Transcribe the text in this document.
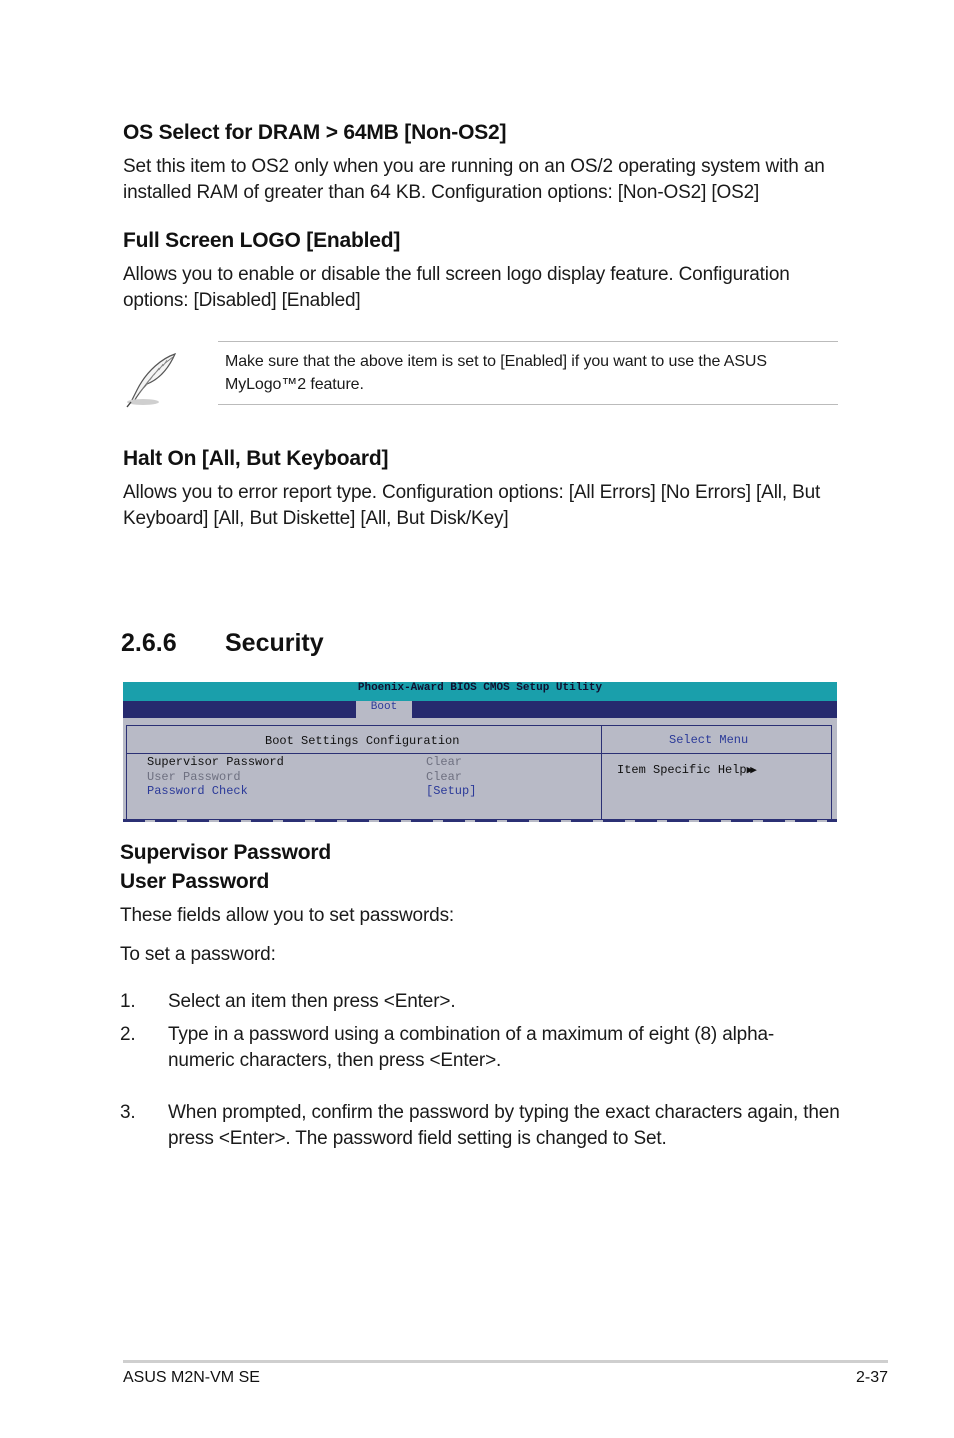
OS Select for DRAM > 64MB [Non-OS2]
Set this item to OS2 only when you are running on an OS/2 operating system with an installed RAM of greater than 64 KB. Configuration options: [Non-OS2] [OS2]
Full Screen LOGO [Enabled]
Allows you to enable or disable the full screen logo display feature. Configuration options: [Disabled] [Enabled]
Make sure that the above item is set to [Enabled] if you want to use the ASUS MyLogo™2 feature.
Halt On [All, But Keyboard]
Allows you to error report type. Configuration options: [All Errors] [No Errors] [All, But Keyboard] [All, But Diskette] [All, But Disk/Key]
2.6.6 Security
Phoenix-Award BIOS CMOS Setup Utility
Boot
Boot Settings Configuration	Select Menu
Supervisor Password	Clear
User Password	Clear
Password Check	[Setup]
Item Specific Help▶▶
Supervisor Password
User Password
These fields allow you to set passwords:
To set a password:
1. Select an item then press <Enter>.
2. Type in a password using a combination of a maximum of eight (8) alpha-numeric characters, then press <Enter>.
3. When prompted, confirm the password by typing the exact characters again, then press <Enter>. The password field setting is changed to Set.
ASUS M2N-VM SE	2-37
